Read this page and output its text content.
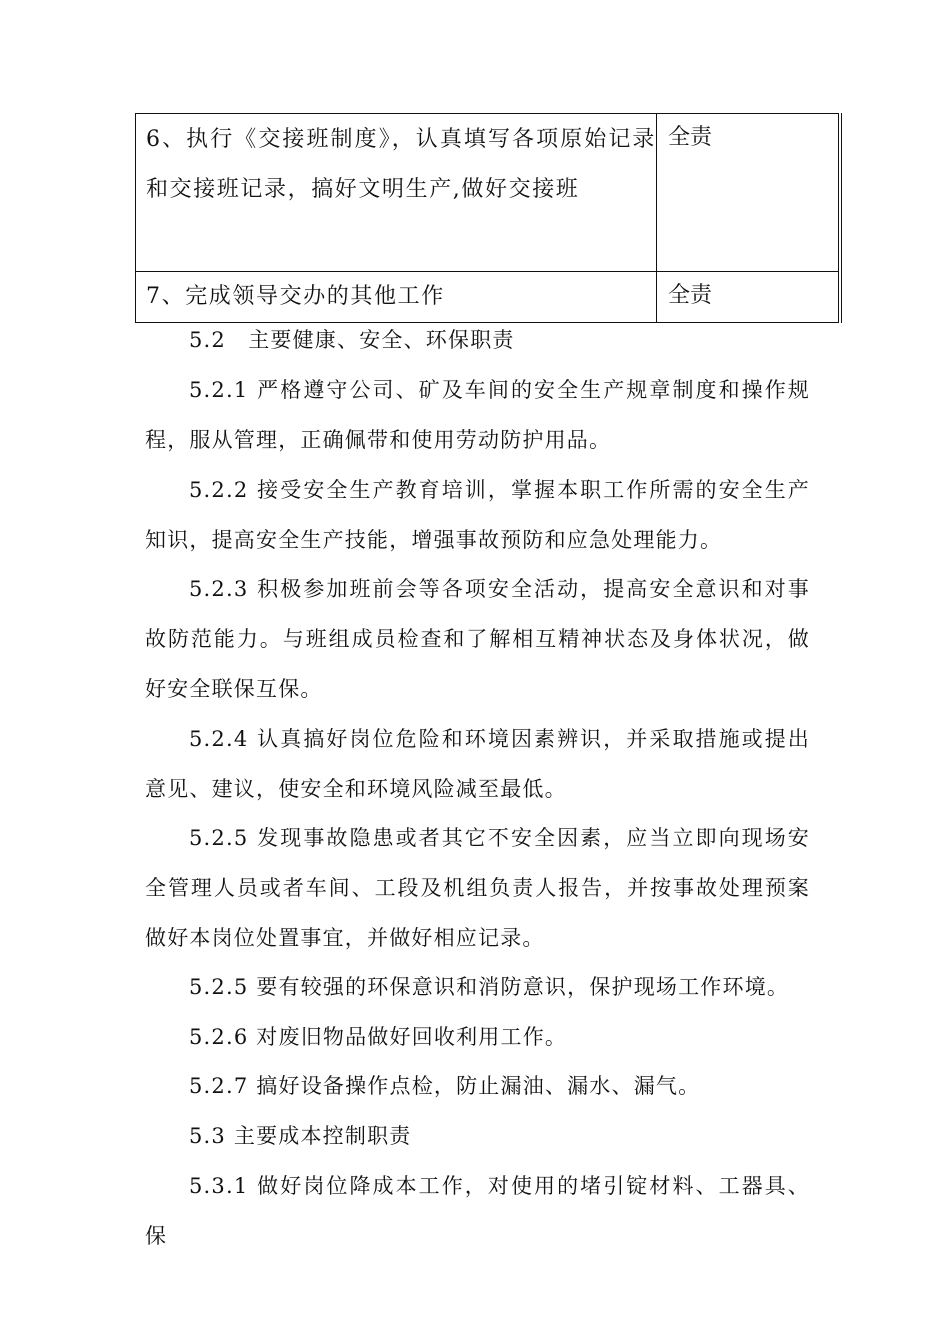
6、执行《交接班制度》，认真填写各项原始记录和交接班记录，搞好文明生产,做好交接班	全责

7、完成领导交办的其他工作	全责

5.2　主要健康、安全、环保职责

5.2.1 严格遵守公司、矿及车间的安全生产规章制度和操作规程，服从管理，正确佩带和使用劳动防护用品。

5.2.2 接受安全生产教育培训，掌握本职工作所需的安全生产知识，提高安全生产技能，增强事故预防和应急处理能力。

5.2.3 积极参加班前会等各项安全活动，提高安全意识和对事故防范能力。与班组成员检查和了解相互精神状态及身体状况，做好安全联保互保。

5.2.4 认真搞好岗位危险和环境因素辨识，并采取措施或提出意见、建议，使安全和环境风险减至最低。

5.2.5 发现事故隐患或者其它不安全因素，应当立即向现场安全管理人员或者车间、工段及机组负责人报告，并按事故处理预案做好本岗位处置事宜，并做好相应记录。

5.2.5 要有较强的环保意识和消防意识，保护现场工作环境。

5.2.6 对废旧物品做好回收利用工作。

5.2.7 搞好设备操作点检，防止漏油、漏水、漏气。

5.3 主要成本控制职责

5.3.1 做好岗位降成本工作，对使用的堵引锭材料、工器具、保
